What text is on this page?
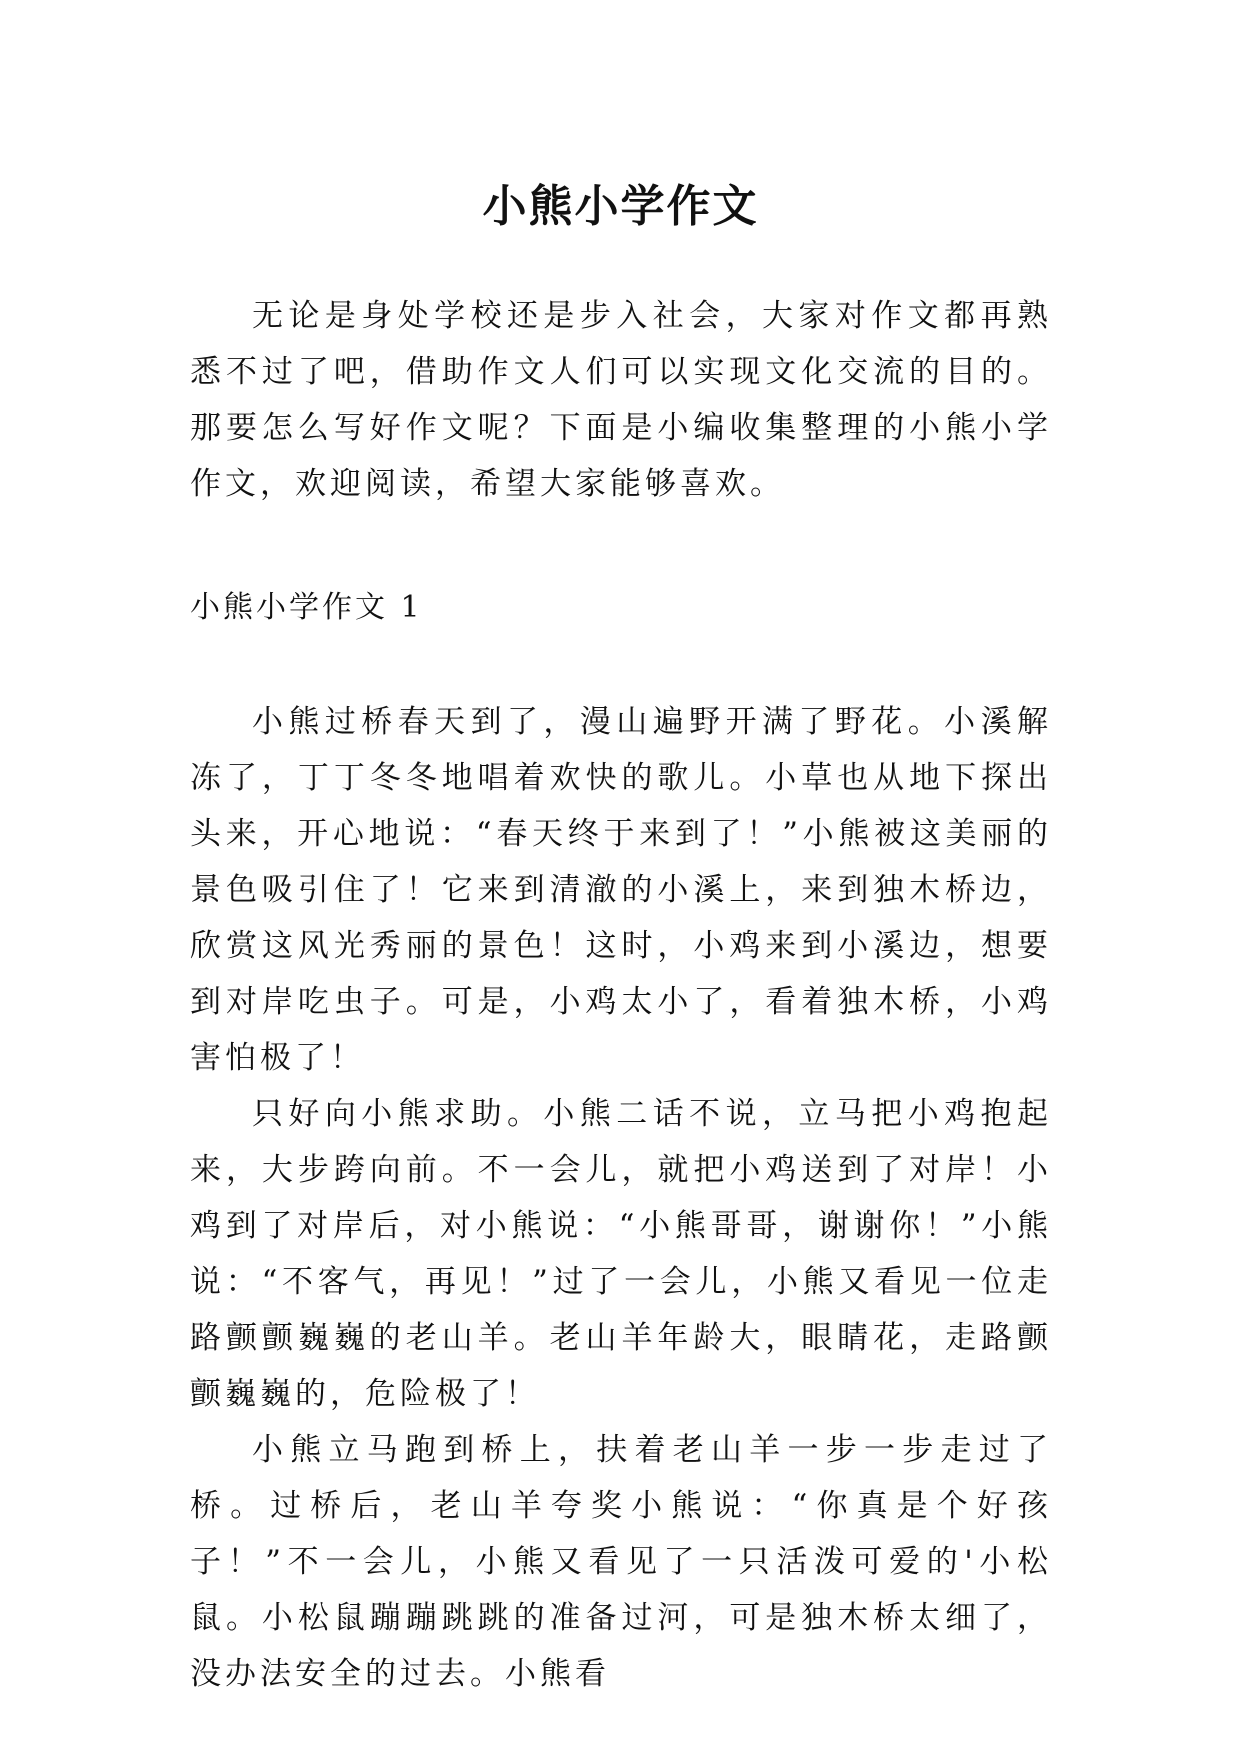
小熊小学作文

无论是身处学校还是步入社会，大家对作文都再熟悉不过了吧，借助作文人们可以实现文化交流的目的。那要怎么写好作文呢？下面是小编收集整理的小熊小学作文，欢迎阅读，希望大家能够喜欢。

小熊小学作文 1

小熊过桥春天到了，漫山遍野开满了野花。小溪解冻了，丁丁冬冬地唱着欢快的歌儿。小草也从地下探出头来，开心地说：“春天终于来到了！”小熊被这美丽的景色吸引住了！它来到清澈的小溪上，来到独木桥边，欣赏这风光秀丽的景色！这时，小鸡来到小溪边，想要到对岸吃虫子。可是，小鸡太小了，看着独木桥，小鸡害怕极了！

只好向小熊求助。小熊二话不说，立马把小鸡抱起来，大步跨向前。不一会儿，就把小鸡送到了对岸！小鸡到了对岸后，对小熊说：“小熊哥哥，谢谢你！”小熊说：“不客气，再见！”过了一会儿，小熊又看见一位走路颤颤巍巍的老山羊。老山羊年龄大，眼睛花，走路颤颤巍巍的，危险极了！

小熊立马跑到桥上，扶着老山羊一步一步走过了桥。过桥后，老山羊夸奖小熊说：“你真是个好孩子！”不一会儿，小熊又看见了一只活泼可爱的'小松鼠。小松鼠蹦蹦跳跳的准备过河，可是独木桥太细了，没办法安全的过去。小熊看
